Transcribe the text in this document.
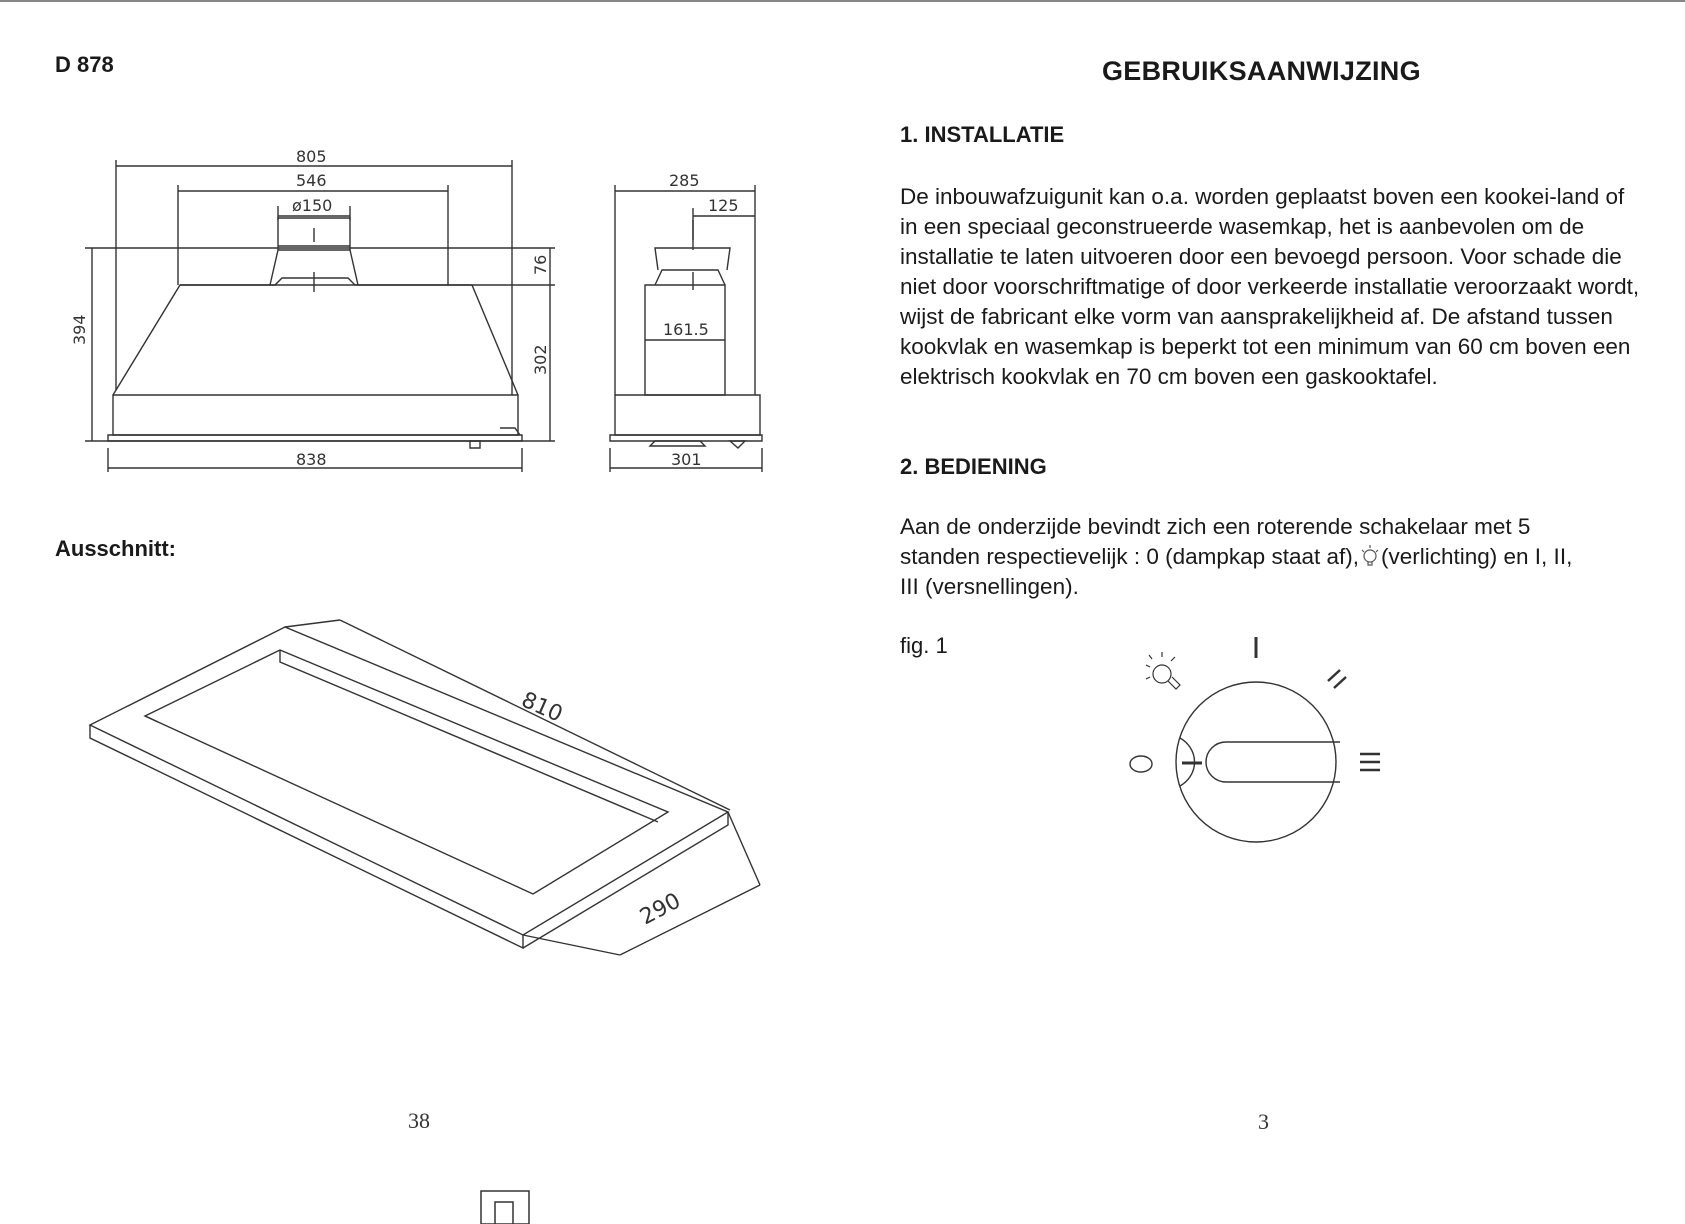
D 878
805
546
ø150
838
394
76
302
285
125
161.5
301
810
290
Ausschnitt:
GEBRUIKSAANWIJZING
1. INSTALLATIE
De inbouwafzuigunit kan o.a. worden geplaatst boven een kookei-land of in een speciaal geconstrueerde wasemkap, het is aanbevolen om de installatie te laten uitvoeren door een bevoegd persoon. Voor schade die niet door voorschriftmatige of door verkeerde installatie veroorzaakt wordt, wijst de fabricant elke vorm van aansprakelijkheid af. De afstand tussen kookvlak en wasemkap is beperkt tot een minimum van 60 cm boven een elektrisch kookvlak en 70 cm boven een gaskooktafel.
2. BEDIENING
Aan de onderzijde bevindt zich een roterende schakelaar met 5
standen respectievelijk : 0 (dampkap staat af), (verlichting) en I, II,
III (versnellingen).
fig. 1
38	3
